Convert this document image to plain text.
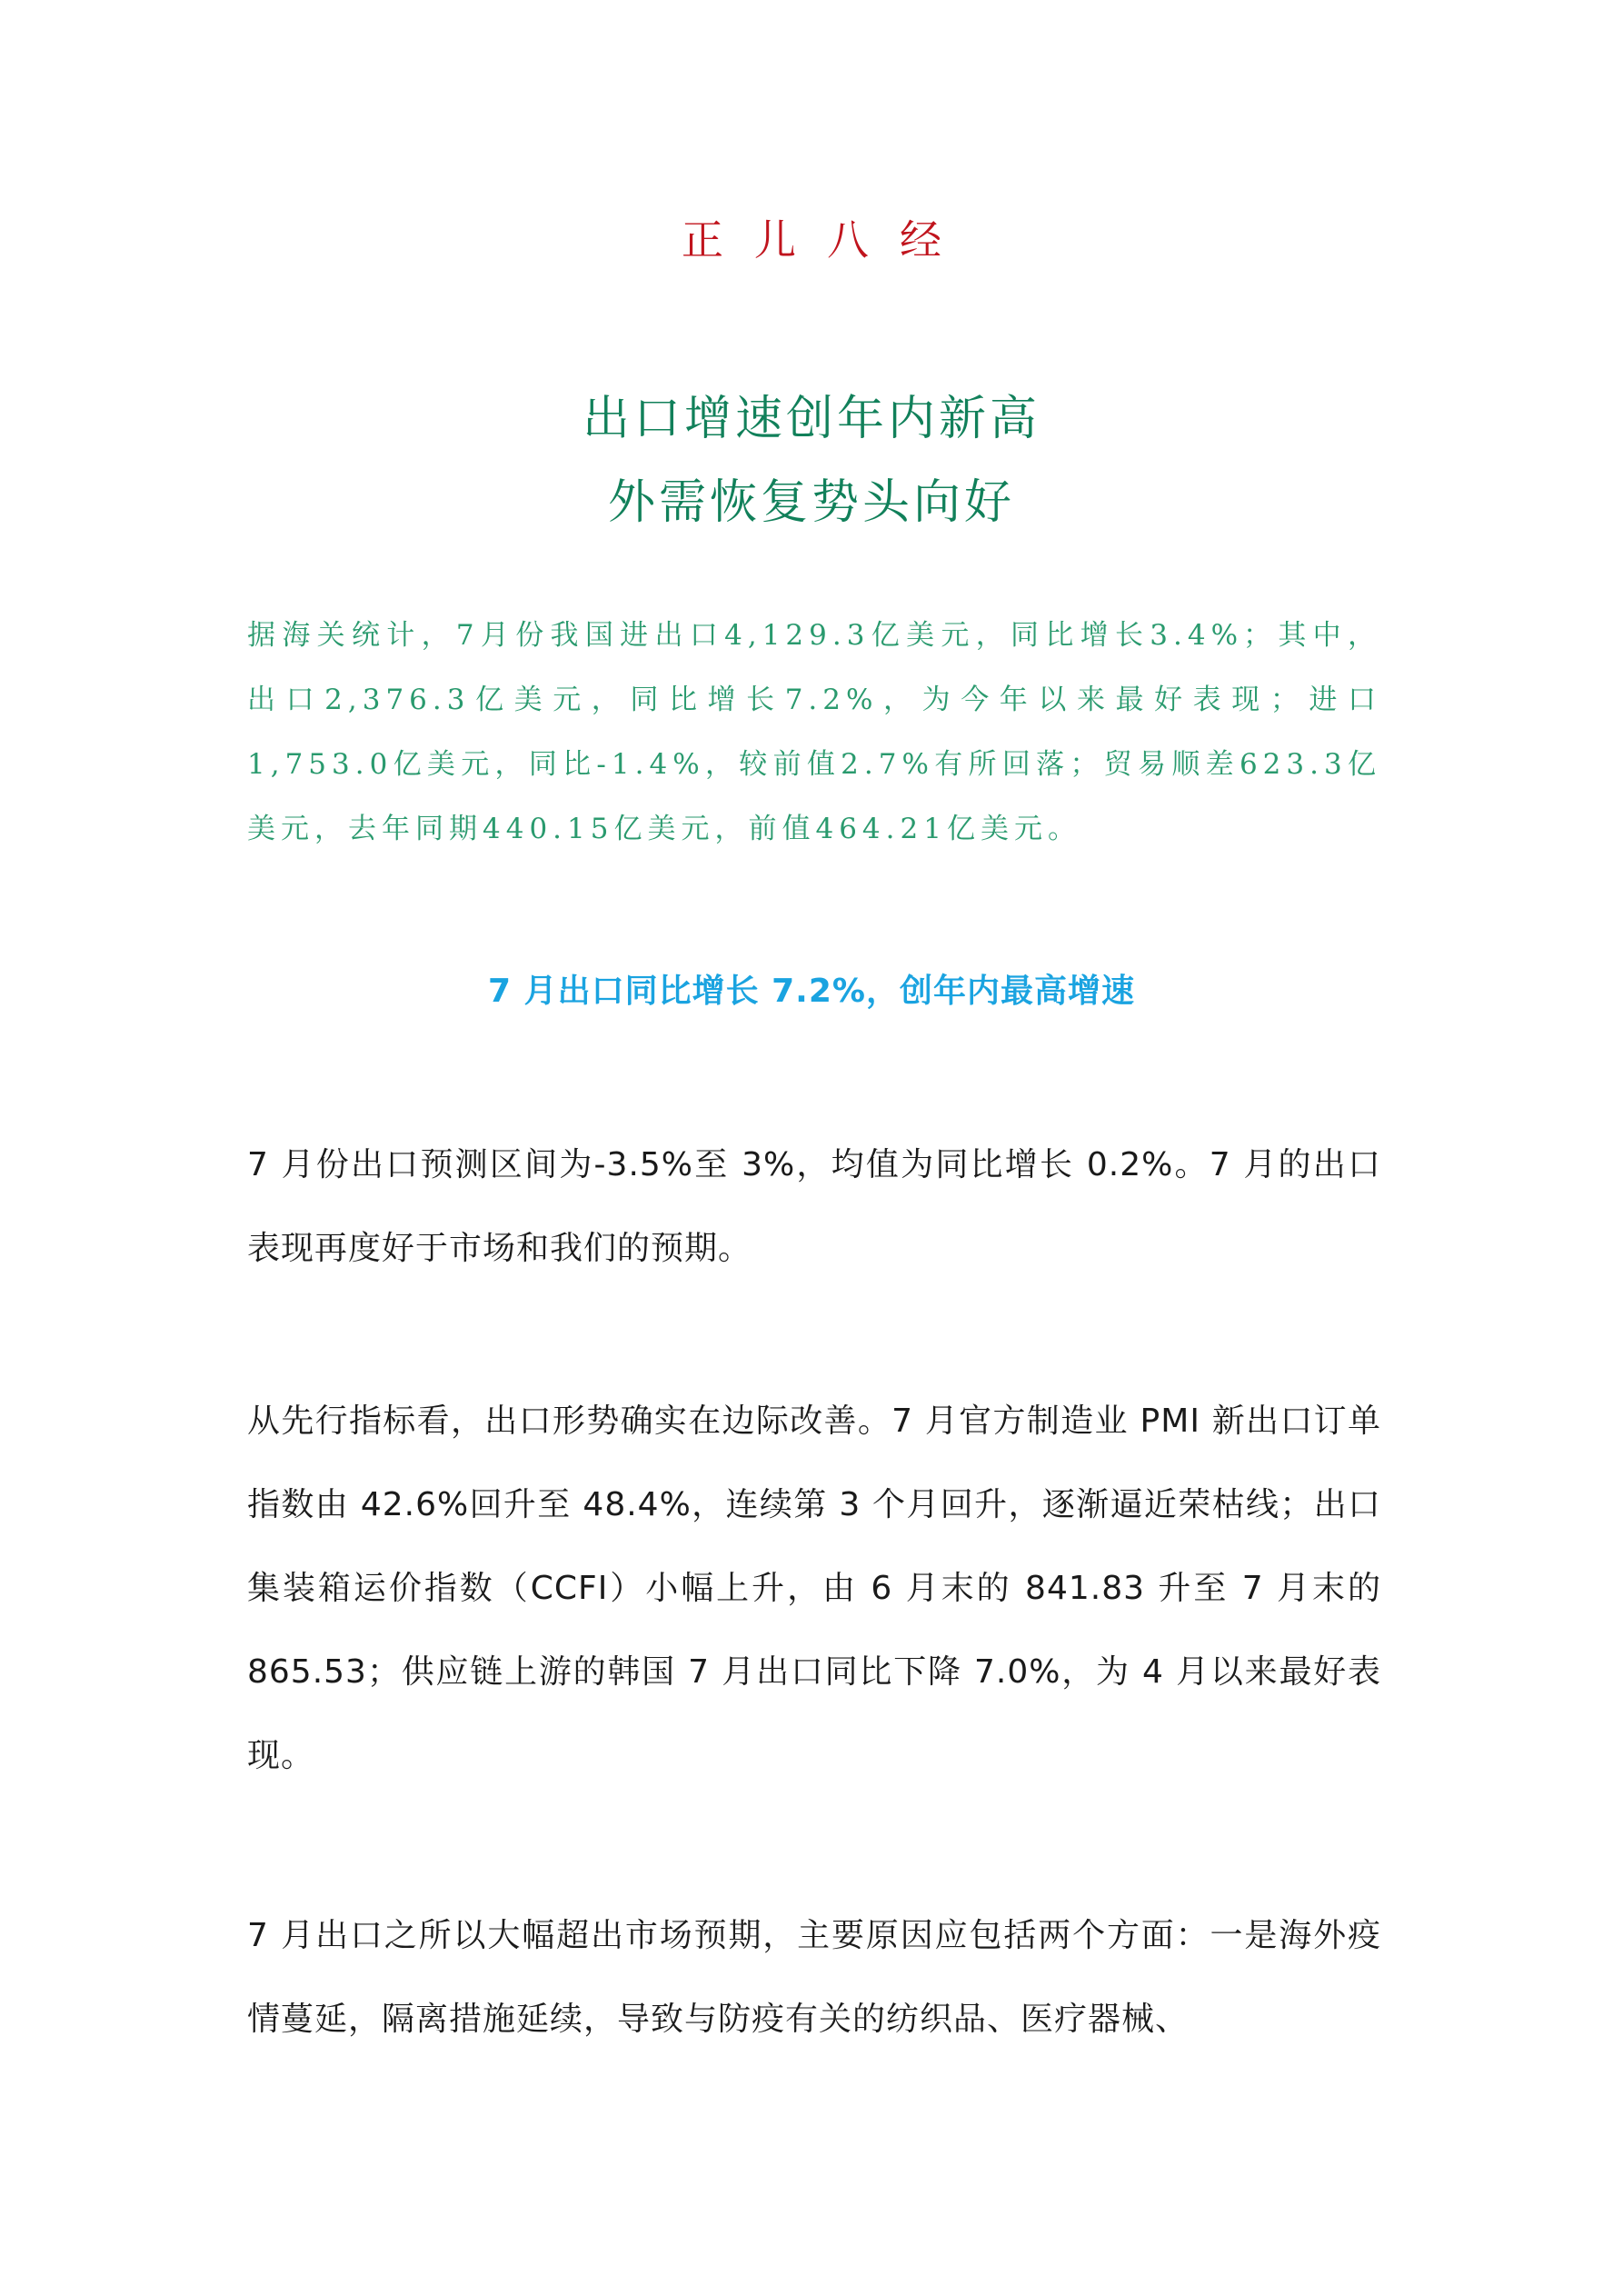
正儿八经
出口增速创年内新高
外需恢复势头向好

据海关统计，7月份我国进出口4,129.3亿美元，同比增长3.4%；其中，出口2,376.3亿美元，同比增长7.2%，为今年以来最好表现；进口1,753.0亿美元，同比-1.4%，较前值2.7%有所回落；贸易顺差623.3亿美元，去年同期440.15亿美元，前值464.21亿美元。

7 月出口同比增长 7.2%，创年内最高增速

7 月份出口预测区间为-3.5%至 3%，均值为同比增长 0.2%。7 月的出口表现再度好于市场和我们的预期。

从先行指标看，出口形势确实在边际改善。7 月官方制造业 PMI 新出口订单指数由 42.6%回升至 48.4%，连续第 3 个月回升，逐渐逼近荣枯线；出口集装箱运价指数（CCFI）小幅上升，由 6 月末的 841.83 升至 7 月末的 865.53；供应链上游的韩国 7 月出口同比下降 7.0%，为 4 月以来最好表现。

7 月出口之所以大幅超出市场预期，主要原因应包括两个方面：一是海外疫情蔓延，隔离措施延续，导致与防疫有关的纺织品、医疗器械、
